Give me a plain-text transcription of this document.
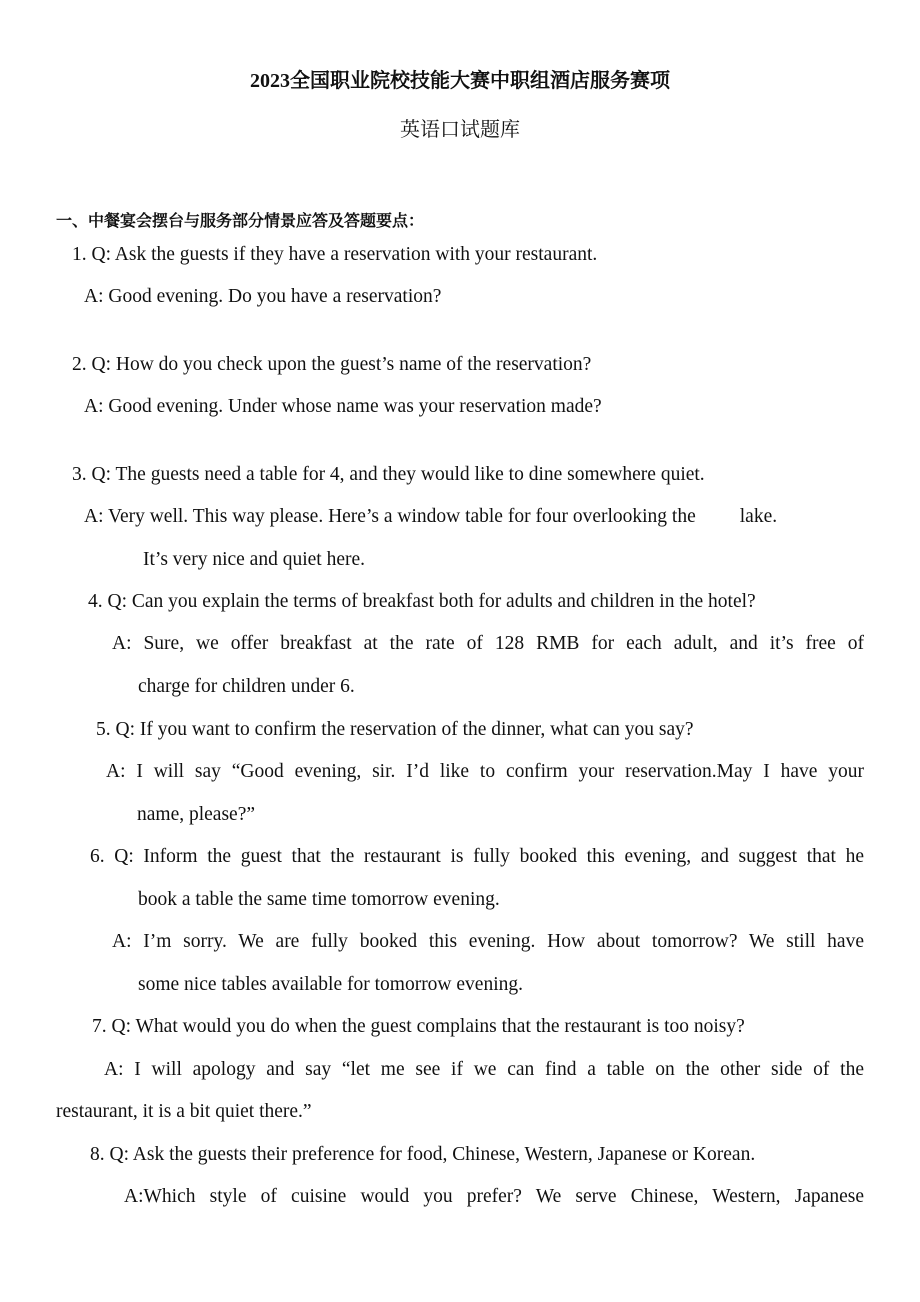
2023全国职业院校技能大赛中职组酒店服务赛项
英语口试题库
一、中餐宴会摆台与服务部分情景应答及答题要点：
1. Q: Ask the guests if they have a reservation with your restaurant.
A: Good evening. Do you have a reservation?
2. Q: How do you check upon the guest’s name of the reservation?
A: Good evening. Under whose name was your reservation made?
3. Q: The guests need a table for 4, and they would like to dine somewhere quiet.
A: Very well. This way please. Here’s a window table for four overlooking the lake.
It’s very nice and quiet here.
4. Q: Can you explain the terms of breakfast both for adults and children in the hotel?
A: Sure, we offer breakfast at the rate of 128 RMB for each adult, and it’s free of
charge for children under 6.
5. Q: If you want to confirm the reservation of the dinner, what can you say?
A: I will say “Good evening, sir. I’d like to confirm your reservation.May I have your
name, please?”
6. Q: Inform the guest that the restaurant is fully booked this evening, and suggest that he
book a table the same time tomorrow evening.
A: I’m sorry. We are fully booked this evening. How about tomorrow? We still have
some nice tables available for tomorrow evening.
7. Q: What would you do when the guest complains that the restaurant is too noisy?
A: I will apology and say “let me see if we can find a table on the other side of the
restaurant, it is a bit quiet there.”
8. Q: Ask the guests their preference for food, Chinese, Western, Japanese or Korean.
A:Which style of cuisine would you prefer? We serve Chinese, Western, Japanese
